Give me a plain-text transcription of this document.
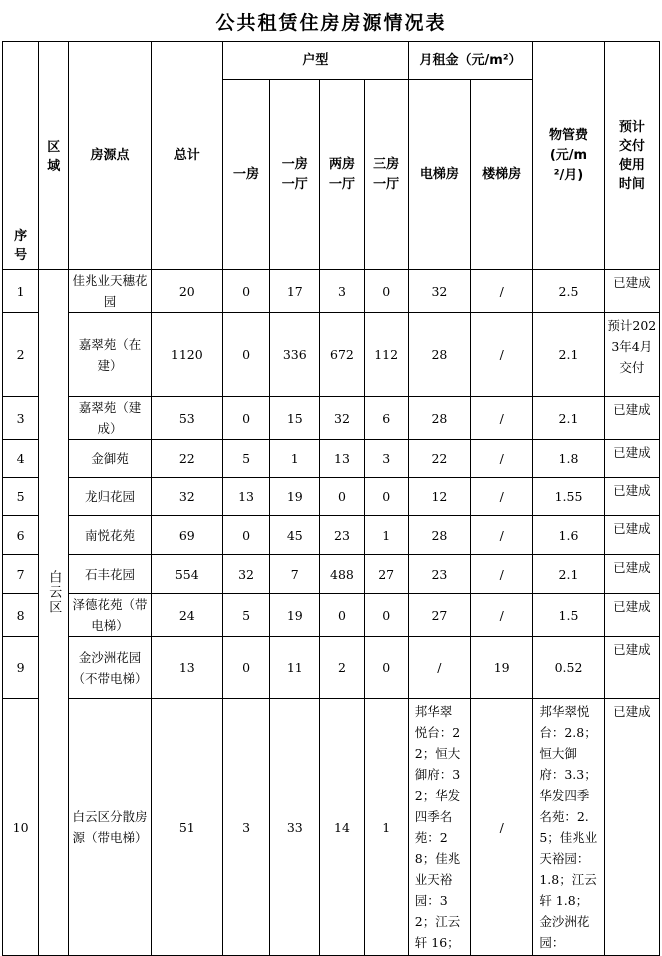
公共租赁住房房源情况表
序号	区域	房源点	总计	户型				月租金（元/m²）		物管费(元/m²/月)	预计交付使用时间

				一房	一房一厅	两房一厅	三房一厅	电梯房	楼梯房		

1	白云区	佳兆业天穗花园	20	0	17	3	0	32	/	2.5	已建成
2		嘉翠苑（在建）	1120	0	336	672	112	28	/	2.1	预计2023年4月交付
3		嘉翠苑（建成）	53	0	15	32	6	28	/	2.1	已建成
4		金御苑	22	5	1	13	3	22	/	1.8	已建成
5		龙归花园	32	13	19	0	0	12	/	1.55	已建成
6		南悦花苑	69	0	45	23	1	28	/	1.6	已建成
7		石丰花园	554	32	7	488	27	23	/	2.1	已建成
8		泽德花苑（带电梯）	24	5	19	0	0	27	/	1.5	已建成
9		金沙洲花园（不带电梯）	13	0	11	2	0	/	19	0.52	已建成
10		白云区分散房源（带电梯）	51	3	33	14	1	邦华翠悦台：22；恒大御府：32；华发四季名苑：28；佳兆业天裕园：32；江云轩 16；	/	邦华翠悦台：2.8；恒大御府：3.3；华发四季名苑：2.5；佳兆业天裕园：1.8；江云轩 1.8；金沙洲花园：	已建成
